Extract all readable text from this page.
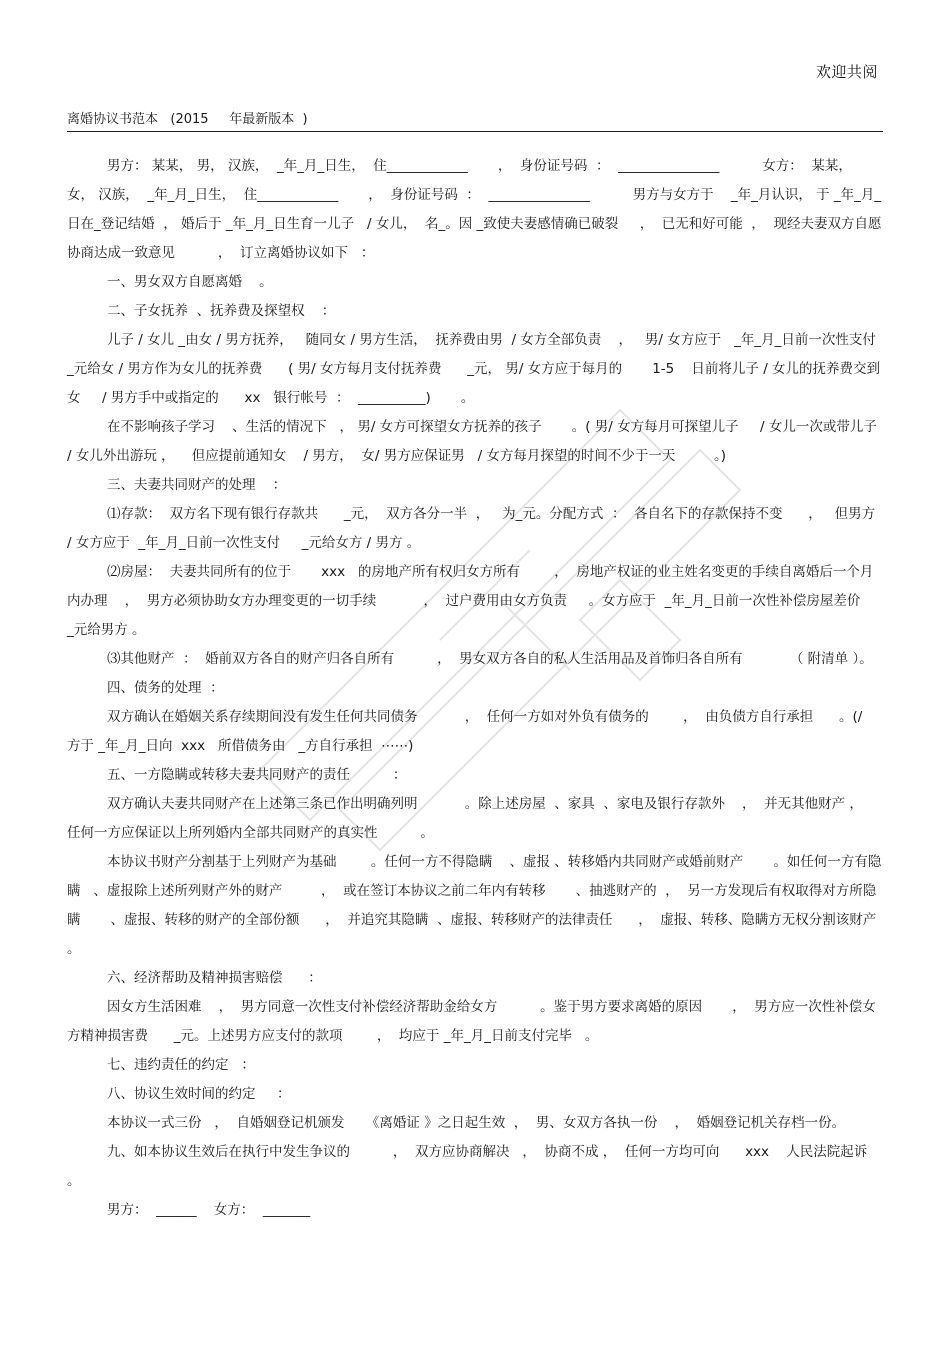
欢迎共阅
离婚协议书范本   (2015     年最新版本  )

男方： 某某， 男， 汉族，  _年_月_日生，  住____________       ，  身份证号码  ：  _______________          女方：  某某， 女， 汉族，  _年_月_日生，  住____________       ，  身份证号码  ：  _______________          男方与女方于    _年_月认识， 于 _年_月_日在_登记结婚  ， 婚后于 _年_月_日生育一儿子   / 女儿，  名_。因 _致使夫妻感情确已破裂     ，  已无和好可能  ，  现经夫妻双方自愿协商达成一致意见          ，  订立离婚协议如下   ：

一、男女双方自愿离婚    。

二、子女抚养  、抚养费及探望权    ：

儿子 / 女儿 _由女 / 男方抚养，   随同女 / 男方生活，  抚养费由男  / 女方全部负责    ，   男/ 女方应于   _年_月_日前一次性支付    _元给女 / 男方作为女儿的抚养费      ( 男/ 女方每月支付抚养费      _元， 男/ 女方应于每月的       1-5    日前将儿子 / 女儿的抚养费交到女     / 男方手中或指定的      xx   银行帐号  ：  __________)       。

在不影响孩子学习    、生活的情况下   ， 男/ 女方可探望女方抚养的孩子       。( 男/ 女方每月可探望儿子     / 女儿一次或带儿子   / 女儿外出游玩 ，    但应提前通知女    / 男方，  女/ 男方应保证男   / 女方每月探望的时间不少于一天         。)

三、夫妻共同财产的处理    ：

⑴存款：  双方名下现有银行存款共      _元，  双方各分一半  ，   为_元。分配方式  ：  各自名下的存款保持不变      ，   但男方 / 女方应于  _年_月_日前一次性支付     _元给女方 / 男方 。

⑵房屋：  夫妻共同所有的位于       xxx   的房地产所有权归女方所有        ，  房地产权证的业主姓名变更的手续自离婚后一个月内办理    ，  男方必须协助女方办理变更的一切手续           ，  过户费用由女方负责     。女方应于  _年_月_日前一次性补偿房屋差价     _元给男方 。

⑶其他财产  ：  婚前双方各自的财产归各自所有          ，  男女双方各自的私人生活用品及首饰归各自所有           （ 附清单 ）。

四、债务的处理  ：

双方确认在婚姻关系存续期间没有发生任何共同债务           ，  任何一方如对外负有债务的        ，  由负债方自行承担      。(/   方于 _年_月_日向  xxx   所借债务由   _方自行承担  ⋯⋯)

五、一方隐瞒或转移夫妻共同财产的责任          ：

双方确认夫妻共同财产在上述第三条已作出明确列明           。除上述房屋  、家具  、家电及银行存款外    ，  并无其他财产 ，  任何一方应保证以上所列婚内全部共同财产的真实性          。

本协议书财产分割基于上列财产为基础        。任何一方不得隐瞒    、虚报 、转移婚内共同财产或婚前财产       。如任何一方有隐瞒   、虚报除上述所列财产外的财产         ，  或在签订本协议之前二年内有转移       、抽逃财产的  ，  另一方发现后有权取得对方所隐瞒       、虚报、转移的财产的全部份额      ，  并追究其隐瞒  、虚报、转移财产的法律责任      ，  虚报、转移、隐瞒方无权分割该财产     。

六、经济帮助及精神损害赔偿      ：

因女方生活困难    ，  男方同意一次性支付补偿经济帮助金给女方          。鉴于男方要求离婚的原因       ，  男方应一次性补偿女方精神损害费      _元。上述男方应支付的款项        ，  均应于 _年_月_日前支付完毕   。

七、违约责任的约定   ：

八、协议生效时间的约定     ：

本协议一式三份   ，  自婚姻登记机颁发     《离婚证 》之日起生效  ，  男、女双方各执一份    ，  婚姻登记机关存档一份。

九、如本协议生效后在执行中发生争议的          ，  双方应协商解决   ，  协商不成 ，  任何一方均可向      xxx    人民法院起诉 。

男方：  ______    女方：  _______
